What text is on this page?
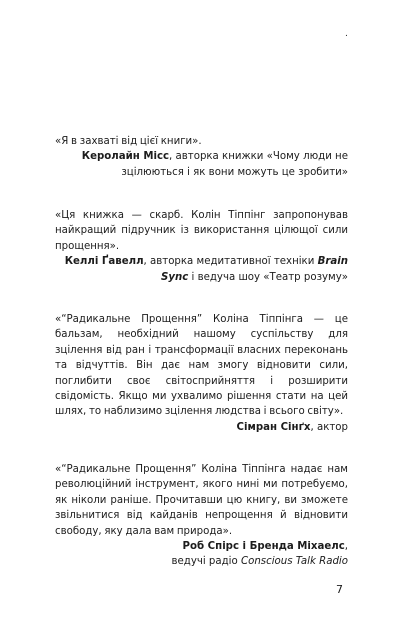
.
«Я в захваті від цієї книги».
Керолайн Місс, авторка книжки «Чому люди не зцілюються і як вони можуть це зробити»
«Ця книжка — скарб. Колін Тіппінг запропонував найкращий підручник із використання цілющої сили прощення».
Келлі Ґавелл, авторка медитативної техніки Brain Sync і ведуча шоу «Театр розуму»
«“Радикальне Прощення” Коліна Тіппінга — це бальзам, необхідний нашому суспільству для зцілення від ран і трансформації власних переконань та відчуттів. Він дає нам змогу відновити сили, поглибити своє світосприйняття і розширити свідомість. Якщо ми ухвалимо рішення стати на цей шлях, то наблизимо зцілення людства і всього світу».
Сімран Сінґх, актор
«“Радикальне Прощення” Коліна Тіппінга надає нам революційний інструмент, якого нині ми потребуємо, як ніколи раніше. Прочитавши цю книгу, ви зможете звільнитися від кайданів непрощення й відновити свободу, яку дала вам природа».
Роб Спірс і Бренда Міхаелс,
ведучі радіо Conscious Talk Radio
7
